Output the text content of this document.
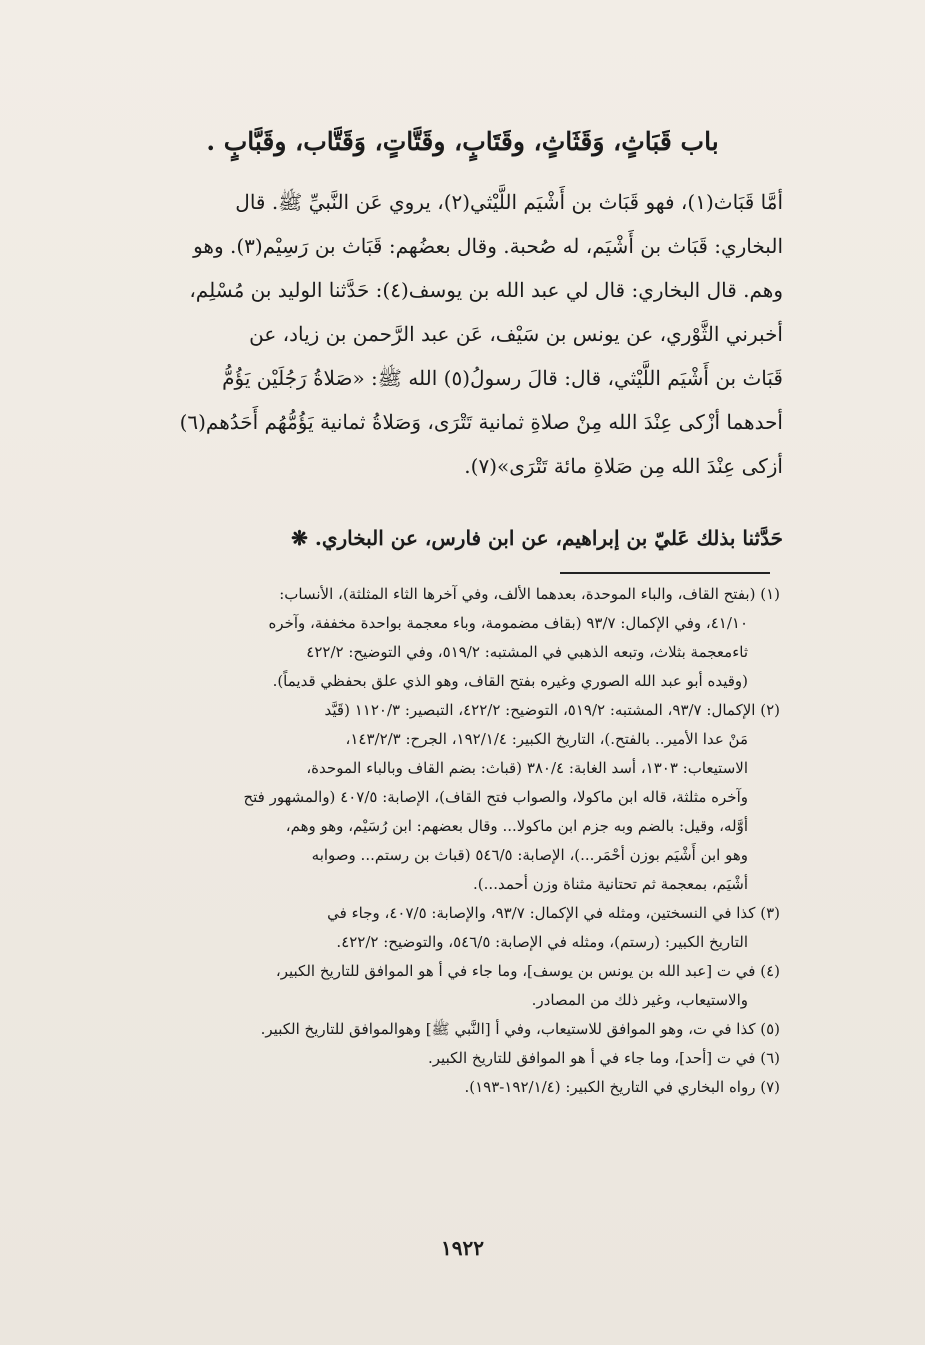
باب قَبَاثٍ، وَقَثَاثٍ، وقَتَابٍ، وقَتَّاتٍ، وَقَتَّاب، وقَبَّابٍ .
أمَّا قَبَاث(١)، فهو قَبَاث بن أَشْيَم اللَّيْثي(٢)، يروي عَن النَّبيِّ ﷺ. قال
البخاري: قَبَاث بن أَشْيَم، له صُحبة. وقال بعضُهم: قَبَاث بن رَسِيْم(٣). وهو
وهم. قال البخاري: قال لي عبد الله بن يوسف(٤): حَدَّثنا الوليد بن مُسْلِم،
أخبرني الثَّوْري، عن يونس بن سَيْف، عَن عبد الرَّحمن بن زياد، عن
قَبَاث بن أَشْيَم اللَّيْثي، قال: قالَ رسولُ(٥) الله ﷺ: «صَلاةُ رَجُلَيْن يَؤُمُّ
أحدهما أزْكى عِنْدَ الله مِنْ صلاةِ ثمانية تَتْرَى، وَصَلاةُ ثمانية يَؤُمُّهُم أَحَدُهم(٦)
أزكى عِنْدَ الله مِن صَلاةِ مائة تَتْرَى»(٧).
حَدَّثنا بذلك عَليّ بن إبراهيم، عن ابن فارس، عن البخاري. ❋
(١) (بفتح القاف، والباء الموحدة، بعدهما الألف، وفي آخرها الثاء المثلثة)، الأنساب:
٤١/١٠، وفي الإكمال: ٩٣/٧ (بقاف مضمومة، وباء معجمة بواحدة مخففة، وآخره
ثاءمعجمة بثلاث، وتبعه الذهبي في المشتبه: ٥١٩/٢، وفي التوضيح: ٤٢٢/٢
(وقيده أبو عبد الله الصوري وغيره بفتح القاف، وهو الذي علق بحفظي قديماً).
(٢) الإكمال: ٩٣/٧، المشتبه: ٥١٩/٢، التوضيح: ٤٢٢/٢، التبصير: ١١٢٠/٣ (قَيَّد
مَنْ عدا الأمير.. بالفتح.)، التاريخ الكبير: ١٩٢/١/٤، الجرح: ١٤٣/٢/٣،
الاستيعاب: ١٣٠٣، أسد الغابة: ٣٨٠/٤ (قباث: بضم القاف وبالباء الموحدة،
وآخره مثلثة، قاله ابن ماكولا، والصواب فتح القاف)، الإصابة: ٤٠٧/٥ (والمشهور فتح
أوَّله، وقيل: بالضم وبه جزم ابن ماكولا... وقال بعضهم: ابن رُسَيْم، وهو وهم،
وهو ابن أَشْيَم بوزن أحْمَر...)، الإصابة: ٥٤٦/٥ (قباث بن رستم... وصوابه
أشْيَم، بمعجمة ثم تحتانية مثناة وزن أحمد...).
(٣) كذا في النسختين، ومثله في الإكمال: ٩٣/٧، والإصابة: ٤٠٧/٥، وجاء في
التاريخ الكبير: (رستم)، ومثله في الإصابة: ٥٤٦/٥، والتوضيح: ٤٢٢/٢.
(٤) في ت [عبد الله بن يونس بن يوسف]، وما جاء في أ هو الموافق للتاريخ الكبير،
والاستيعاب، وغير ذلك من المصادر.
(٥) كذا في ت، وهو الموافق للاستيعاب، وفي أ [النَّبي ﷺ] وهوالموافق للتاريخ الكبير.
(٦) في ت [أحد]، وما جاء في أ هو الموافق للتاريخ الكبير.
(٧) رواه البخاري في التاريخ الكبير: (١٩٢/١/٤-١٩٣).
١٩٢٢
